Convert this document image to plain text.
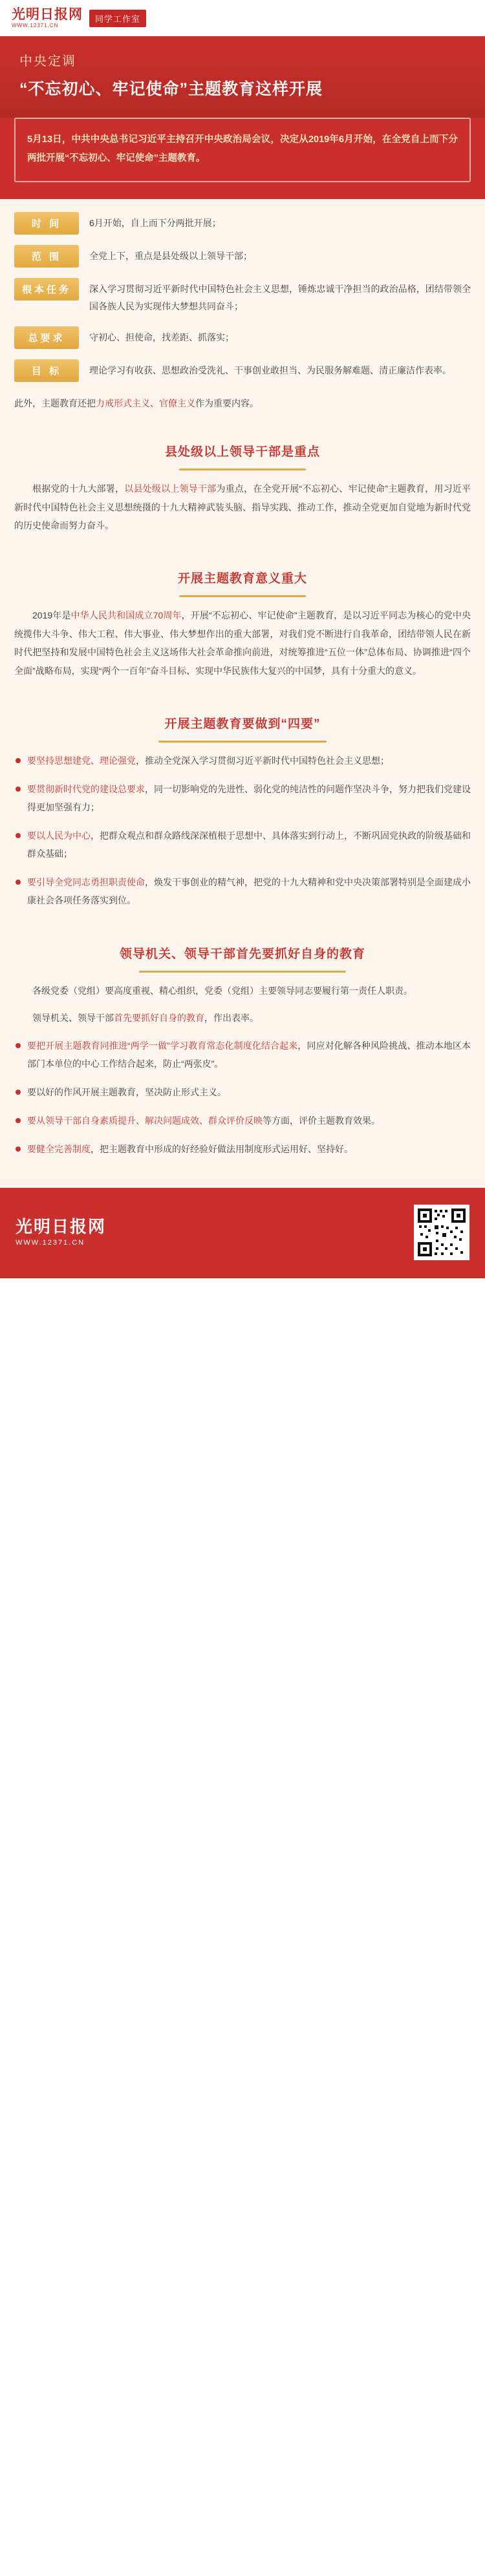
光明日报网
WWW.12371.CN
同学工作室
中央定调
“不忘初心、牢记使命”主题教育这样开展
5月13日，中共中央总书记习近平主持召开中央政治局会议，决定从2019年6月开始，在全党自上而下分两批开展“不忘初心、牢记使命”主题教育。
时 间	6月开始，自上而下分两批开展；
范 围	全党上下，重点是县处级以上领导干部；
根本任务	深入学习贯彻习近平新时代中国特色社会主义思想，锤炼忠诚干净担当的政治品格，团结带领全国各族人民为实现伟大梦想共同奋斗；
总要求	守初心、担使命，找差距、抓落实；
目 标	理论学习有收获、思想政治受洗礼、干事创业敢担当、为民服务解难题、清正廉洁作表率。
此外，主题教育还把力戒形式主义、官僚主义作为重要内容。
县处级以上领导干部是重点

根据党的十九大部署，以县处级以上领导干部为重点，在全党开展“不忘初心、牢记使命”主题教育，用习近平新时代中国特色社会主义思想统摄的十九大精神武装头脑、指导实践、推动工作，推动全党更加自觉地为新时代党的历史使命而努力奋斗。

开展主题教育意义重大

2019年是中华人民共和国成立70周年，开展“不忘初心、牢记使命”主题教育，是以习近平同志为核心的党中央统揽伟大斗争、伟大工程、伟大事业、伟大梦想作出的重大部署，对我们党不断进行自我革命，团结带领人民在新时代把坚持和发展中国特色社会主义这场伟大社会革命推向前进，对统筹推进“五位一体”总体布局、协调推进“四个全面”战略布局，实现“两个一百年”奋斗目标、实现中华民族伟大复兴的中国梦，具有十分重大的意义。

开展主题教育要做到“四要”
要坚持思想建党、理论强党，推动全党深入学习贯彻习近平新时代中国特色社会主义思想；
要贯彻新时代党的建设总要求，同一切影响党的先进性、弱化党的纯洁性的问题作坚决斗争，努力把我们党建设得更加坚强有力；
要以人民为中心，把群众观点和群众路线深深植根于思想中、具体落实到行动上，不断巩固党执政的阶级基础和群众基础；
要引导全党同志勇担职责使命，焕发干事创业的精气神，把党的十九大精神和党中央决策部署特别是全面建成小康社会各项任务落实到位。
领导机关、领导干部首先要抓好自身的教育

各级党委（党组）要高度重视、精心组织，党委（党组）主要领导同志要履行第一责任人职责。

领导机关、领导干部首先要抓好自身的教育，作出表率。

要把开展主题教育同推进“两学一做”学习教育常态化制度化结合起来，同应对化解各种风险挑战、推动本地区本部门本单位的中心工作结合起来，防止“两张皮”。
要以好的作风开展主题教育，坚决防止形式主义。
要从领导干部自身素质提升、解决问题成效、群众评价反映等方面，评价主题教育效果。
要健全完善制度，把主题教育中形成的好经验好做法用制度形式运用好、坚持好。
光明日报网
WWW.12371.CN
